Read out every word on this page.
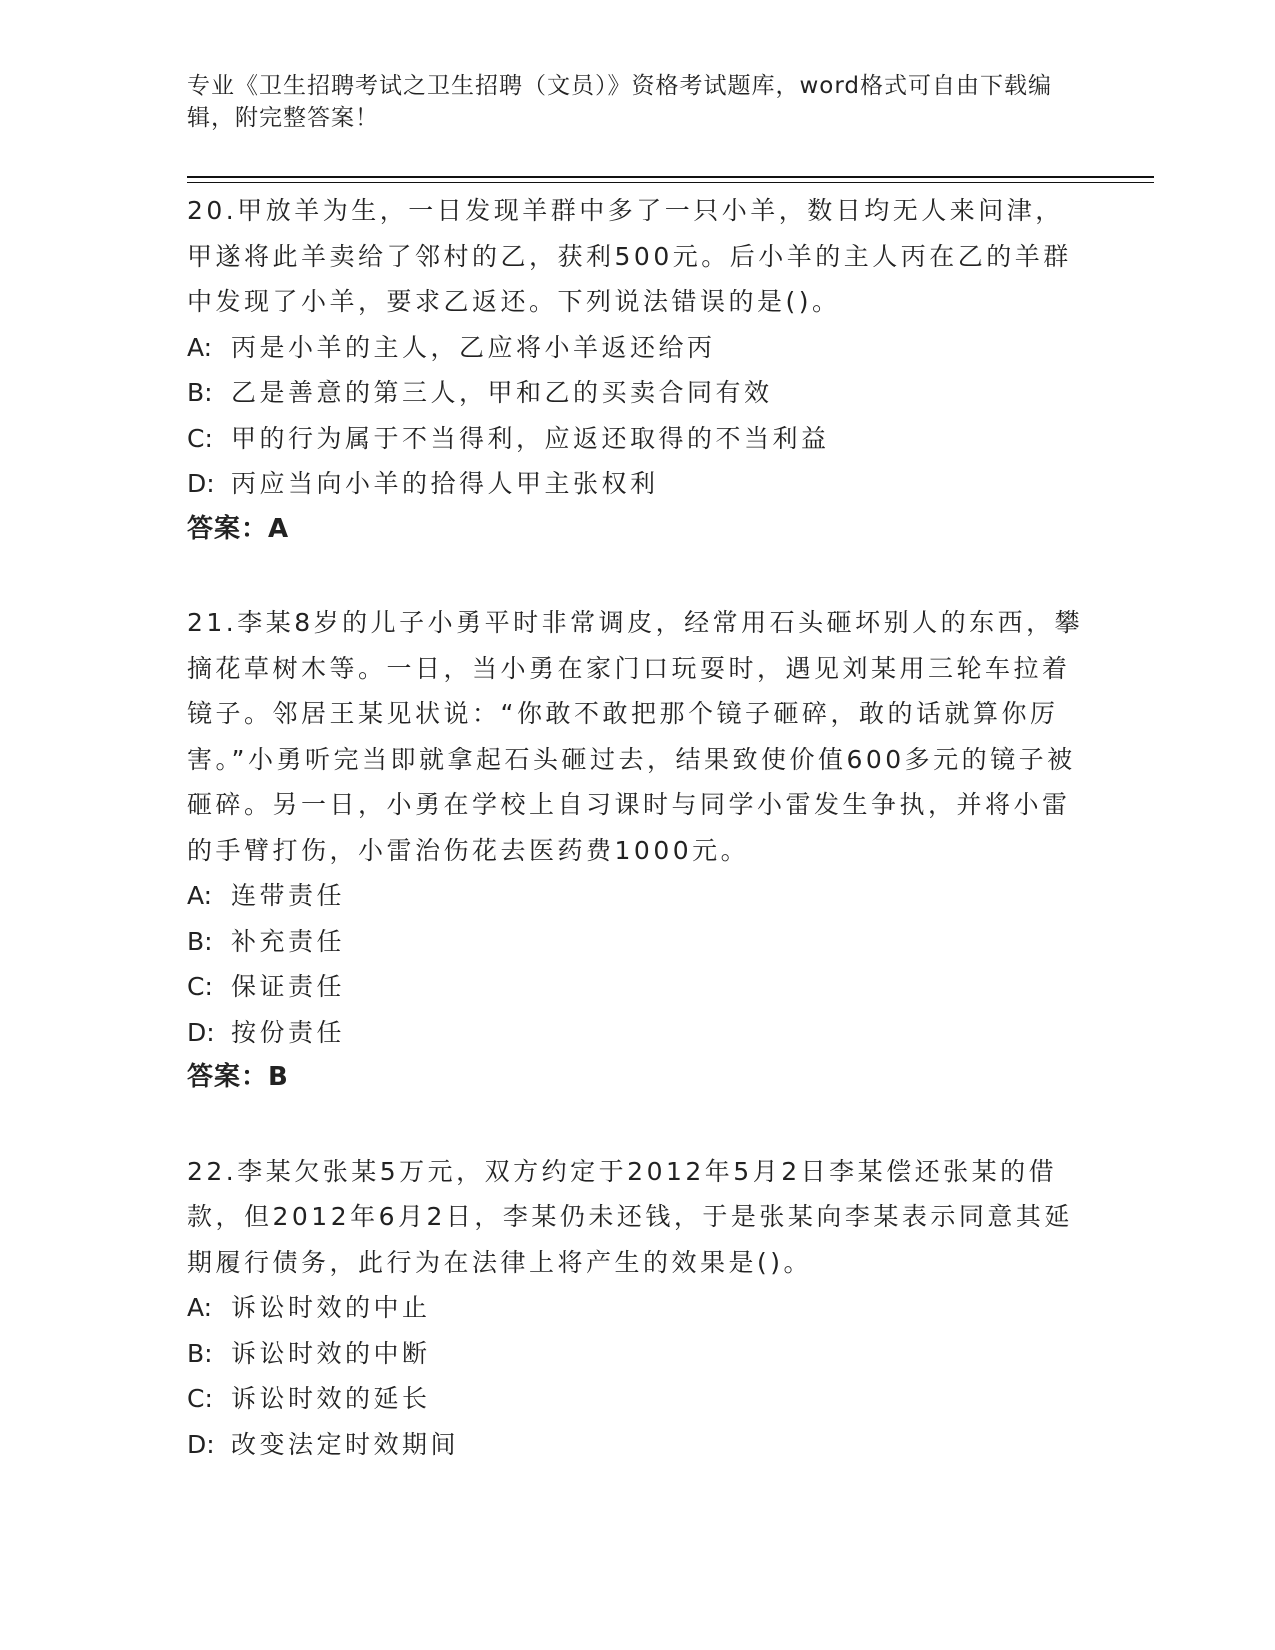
专业《卫生招聘考试之卫生招聘（文员）》资格考试题库，word格式可自由下载编辑，附完整答案！

20.甲放羊为生，一日发现羊群中多了一只小羊，数日均无人来问津，甲遂将此羊卖给了邻村的乙，获利500元。后小羊的主人丙在乙的羊群中发现了小羊，要求乙返还。下列说法错误的是()。

A: 丙是小羊的主人，乙应将小羊返还给丙
B: 乙是善意的第三人，甲和乙的买卖合同有效
C: 甲的行为属于不当得利，应返还取得的不当利益
D: 丙应当向小羊的拾得人甲主张权利

答案：A

21.李某8岁的儿子小勇平时非常调皮，经常用石头砸坏别人的东西，攀摘花草树木等。一日，当小勇在家门口玩耍时，遇见刘某用三轮车拉着镜子。邻居王某见状说：“你敢不敢把那个镜子砸碎，敢的话就算你厉害。”小勇听完当即就拿起石头砸过去，结果致使价值600多元的镜子被砸碎。另一日，小勇在学校上自习课时与同学小雷发生争执，并将小雷的手臂打伤，小雷治伤花去医药费1000元。

A: 连带责任
B: 补充责任
C: 保证责任
D: 按份责任

答案：B

22.李某欠张某5万元，双方约定于2012年5月2日李某偿还张某的借款，但2012年6月2日，李某仍未还钱，于是张某向李某表示同意其延期履行债务，此行为在法律上将产生的效果是()。

A: 诉讼时效的中止
B: 诉讼时效的中断
C: 诉讼时效的延长
D: 改变法定时效期间
